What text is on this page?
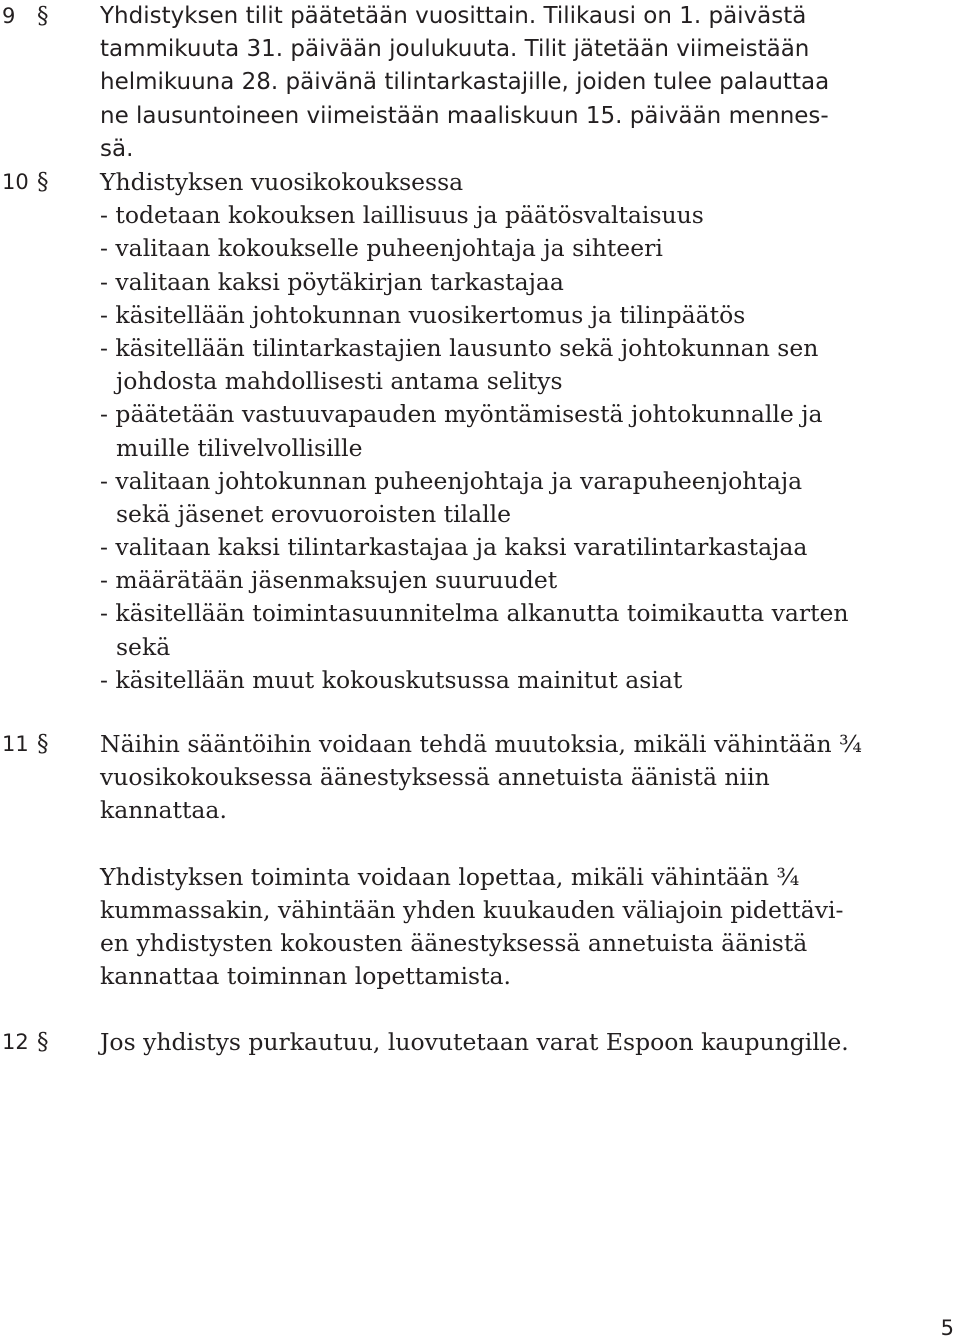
9 § Yhdistyksen tilit päätetään vuosittain. Tilikausi on 1. päivästä
tammikuuta 31. päivään joulukuuta. Tilit jätetään viimeistään
helmikuuna 28. päivänä tilintarkastajille, joiden tulee palauttaa
ne lausuntoineen viimeistään maaliskuun 15. päivään mennes-
sä.
10 § Yhdistyksen vuosikokouksessa
- todetaan kokouksen laillisuus ja päätösvaltaisuus
- valitaan kokoukselle puheenjohtaja ja sihteeri
- valitaan kaksi pöytäkirjan tarkastajaa
- käsitellään johtokunnan vuosikertomus ja tilinpäätös
- käsitellään tilintarkastajien lausunto sekä johtokunnan sen
johdosta mahdollisesti antama selitys
- päätetään vastuuvapauden myöntämisestä johtokunnalle ja
muille tilivelvollisille
- valitaan johtokunnan puheenjohtaja ja varapuheenjohtaja
sekä jäsenet erovuoroisten tilalle
- valitaan kaksi tilintarkastajaa ja kaksi varatilintarkastajaa
- määrätään jäsenmaksujen suuruudet
- käsitellään toimintasuunnitelma alkanutta toimikautta varten
sekä
- käsitellään muut kokouskutsussa mainitut asiat
11 § Näihin sääntöihin voidaan tehdä muutoksia, mikäli vähintään ¾
vuosikokouksessa äänestyksessä annetuista äänistä niin
kannattaa.
Yhdistyksen toiminta voidaan lopettaa, mikäli vähintään ¾
kummassakin, vähintään yhden kuukauden väliajoin pidettävi-
en yhdistysten kokousten äänestyksessä annetuista äänistä
kannattaa toiminnan lopettamista.
12 § Jos yhdistys purkautuu, luovutetaan varat Espoon kaupungille.
5
